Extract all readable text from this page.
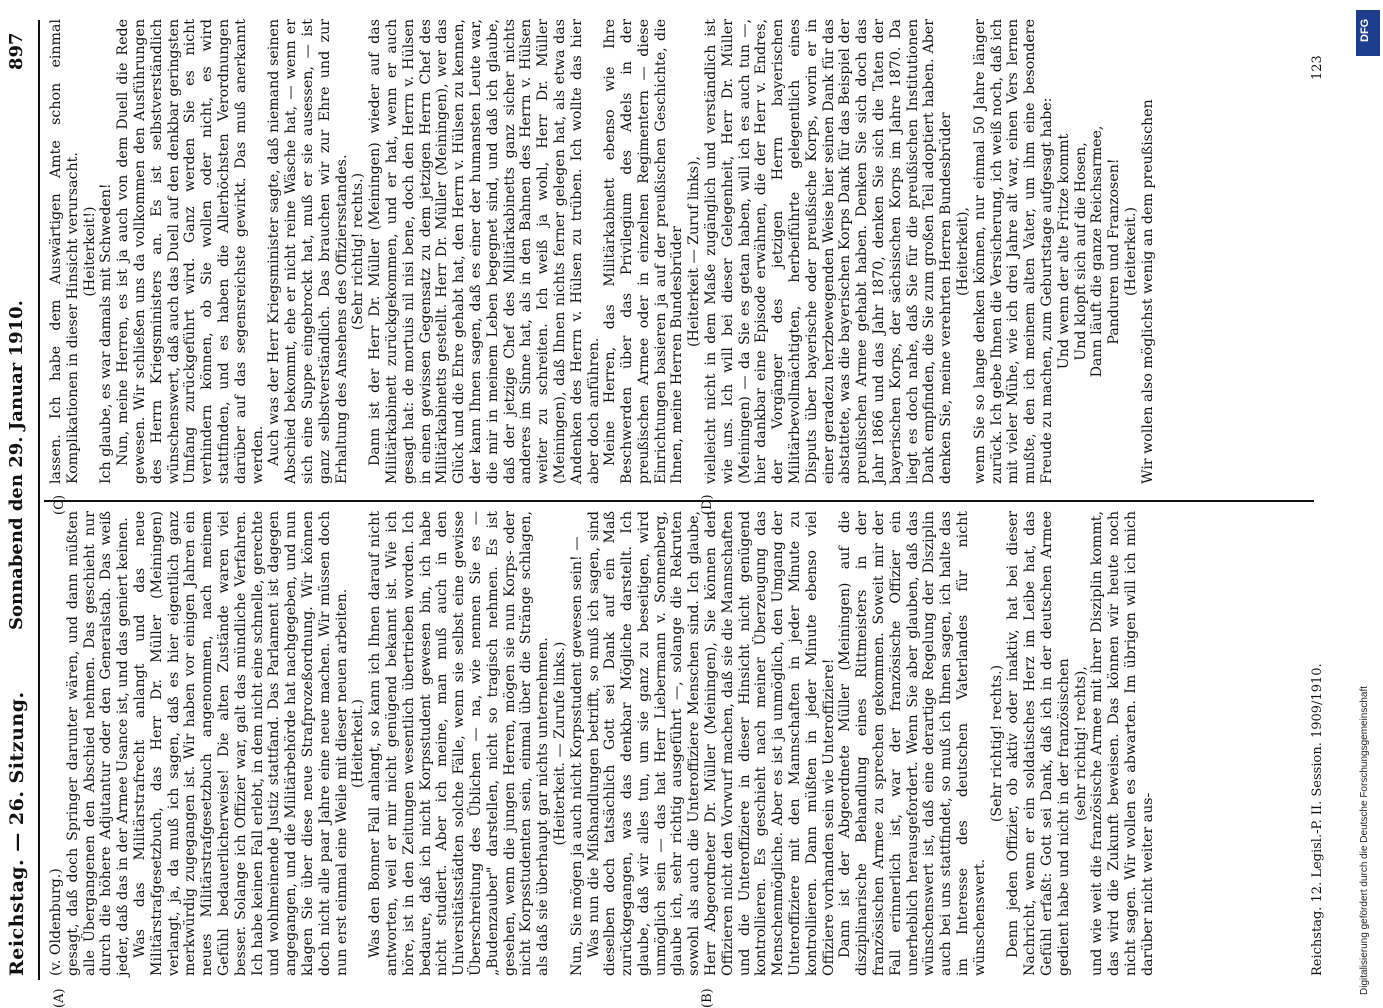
Reichstag. — 26. Sitzung.
Sonnabend den 29. Januar 1910.
897
(A)	(B)
(C)	(D)

(v. Oldenburg.) gesagt, daß doch Springer darunter wären, und dann müßten alle Übergangenen den Abschied nehmen. Das geschieht nur durch die höhere Adjutantur oder den Generalstab. Das weiß jeder, daß das in der Armee Usance ist, und das geniert keinen. Was das Militärstrafrecht anlangt und das neue Militärstrafgesetzbuch, das Herr Dr. Müller (Meiningen) verlangt, ja, da muß ich sagen, daß es hier eigentlich ganz merkwürdig zugegangen ist. Wir haben vor einigen Jahren ein neues Militärstrafgesetzbuch angenommen, nach meinem Gefühl bedauerlicherweise! Die alten Zustände waren viel besser. Solange ich Offizier war, galt das mündliche Verfahren. Ich habe keinen Fall erlebt, in dem nicht eine schnelle, gerechte und wohlmeinende Justiz stattfand. Das Parlament ist dagegen angegangen, und die Militärbehörde hat nachgegeben, und nun klagen Sie über diese neue Strafprozeßordnung. Wir können doch nicht alle paar Jahre eine neue machen. Wir müssen doch nun erst einmal eine Weile mit dieser neuen arbeiten. (Heiterkeit.) Was den Bonner Fall anlangt, so kann ich Ihnen darauf nicht antworten, weil er mir nicht genügend bekannt ist. Wie ich höre, ist in den Zeitungen wesentlich übertrieben worden. Ich bedaure, daß ich nicht Korpsstudent gewesen bin, ich habe nicht studiert. Aber ich meine, man muß auch in den Universitätsstädten solche Fälle, wenn sie selbst eine gewisse Überschreitung des Üblichen — na, wie nennen Sie es — „Budenzauber" darstellen, nicht so tragisch nehmen. Es ist gesehen, wenn die jungen Herren, mögen sie nun Korps- oder nicht Korpsstudenten sein, einmal über die Stränge schlagen, als daß sie überhaupt gar nichts unternehmen. (Heiterkeit. — Zurufe links.) Nun, Sie mögen ja auch nicht Korpsstudent gewesen sein! — Was nun die Mißhandlungen betrifft, so muß ich sagen, sind dieselben doch tatsächlich Gott sei Dank auf ein Maß zurückgegangen, was das denkbar Mögliche darstellt. Ich glaube, daß wir alles tun, um sie ganz zu beseitigen, wird unmöglich sein — das hat Herr Liebermann v. Sonnenberg, glaube ich, sehr richtig ausgeführt —, solange die Rekruten sowohl als auch die Unteroffiziere Menschen sind. Ich glaube, Herr Abgeordneter Dr. Müller (Meiningen), Sie können den Offizieren nicht den Vorwurf machen, daß sie die Mannschaften und die Unteroffiziere in dieser Hinsicht nicht genügend kontrollieren. Es geschieht nach meiner Überzeugung das Menschenmögliche. Aber es ist ja unmöglich, den Umgang der Unteroffiziere mit den Mannschaften in jeder Minute zu kontrollieren. Dann müßten in jeder Minute ebenso viel Offiziere vorhanden sein wie Unteroffiziere! Dann ist der Abgeordnete Müller (Meiningen) auf die disziplinarische Behandlung eines Rittmeisters in der französischen Armee zu sprechen gekommen. Soweit mir der Fall erinnerlich ist, war der französische Offizier ein unerheblich herausgefordert. Wenn Sie aber glauben, daß das wünschenswert ist, daß eine derartige Regelung der Disziplin auch bei uns stattfindet, so muß ich Ihnen sagen, ich halte das im Interesse des deutschen Vaterlandes für nicht wünschenswert.

(Sehr richtig! rechts.) Denn jeden Offizier, ob aktiv oder inaktiv, hat bei dieser Nachricht, wenn er ein soldatisches Herz im Leibe hat, das Gefühl erfaßt: Gott sei Dank, daß ich in der deutschen Armee gedient habe und nicht in der französischen (sehr richtig! rechts), und wie weit die französische Armee mit ihrer Disziplin kommt, das wird die Zukunft beweisen. Das können wir heute noch nicht sagen. Wir wollen es abwarten. Im übrigen will ich mich darüber nicht weiter aus-

lassen. Ich habe dem Auswärtigen Amte schon einmal Komplikationen in dieser Hinsicht verursacht. (Heiterkeit!) Ich glaube, es war damals mit Schweden! Nun, meine Herren, es ist ja auch von dem Duell die Rede gewesen. Wir schließen uns da vollkommen den Ausführungen des Herrn Kriegsministers an. Es ist selbstverständlich wünschenswert, daß auch das Duell auf den denkbar geringsten Umfang zurückgeführt wird. Ganz werden Sie es nicht verhindern können, ob Sie wollen oder nicht, es wird stattfinden, und es haben die Allerhöchsten Verordnungen darüber auf das segensreichste gewirkt. Das muß anerkannt werden. Auch was der Herr Kriegsminister sagte, daß niemand seinen Abschied bekommt, ehe er nicht reine Wäsche hat, — wenn er sich eine Suppe eingebrockt hat, muß er sie ausessen, — ist ganz selbstverständlich. Das brauchen wir zur Ehre und zur Erhaltung des Ansehens des Offiziersstandes. (Sehr richtig! rechts.) Dann ist der Herr Dr. Müller (Meiningen) wieder auf das Militärkabinett zurückgekommen, und er hat, wenn er auch gesagt hat: de mortuis nil nisi bene, doch den Herrn v. Hülsen in einen gewissen Gegensatz zu dem jetzigen Herrn Chef des Militärkabinetts gestellt. Herr Dr. Müller (Meiningen), wer das Glück und die Ehre gehabt hat, den Herrn v. Hülsen zu kennen, der kann Ihnen sagen, daß es einer der humansten Leute war, die mir in meinem Leben begegnet sind, und daß ich glaube, daß der jetzige Chef des Militärkabinetts ganz sicher nichts anderes im Sinne hat, als in den Bahnen des Herrn v. Hülsen weiter zu schreiten. Ich weiß ja wohl, Herr Dr. Müller (Meiningen), daß Ihnen nichts ferner gelegen hat, als etwa das Andenken des Herrn v. Hülsen zu trüben. Ich wollte das hier aber doch anführen. Meine Herren, das Militärkabinett ebenso wie Ihre Beschwerden über das Privilegium des Adels in der preußischen Armee oder in einzelnen Regimentern — diese Einrichtungen basieren ja auf der preußischen Geschichte, die Ihnen, meine Herren Bundesbrüder (Heiterkeit — Zuruf links), vielleicht nicht in dem Maße zugänglich und verständlich ist wie uns. Ich will bei dieser Gelegenheit, Herr Dr. Müller (Meiningen) — da Sie es getan haben, will ich es auch tun —, hier dankbar eine Episode erwähnen, die der Herr v. Endres, der Vorgänger des jetzigen Herrn bayerischen Militärbevollmächtigten, herbeiführte gelegentlich eines Disputs über bayerische oder preußische Korps, worin er in einer geradezu herzbewegenden Weise hier seinen Dank für das abstattete, was die bayerischen Korps Dank für das Beispiel der preußischen Armee gehabt haben. Denken Sie sich doch das Jahr 1866 und das Jahr 1870, denken Sie sich die Taten der bayerischen Korps, der sächsischen Korps im Jahre 1870. Da liegt es doch nahe, daß Sie für die preußischen Institutionen Dank empfinden, die Sie zum großen Teil adoptiert haben. Aber denken Sie, meine verehrten Herren Bundesbrüder (Heiterkeit), wenn Sie so lange denken können, nur einmal 50 Jahre länger zurück. Ich gebe Ihnen die Versicherung, ich weiß noch, daß ich mit vieler Mühe, wie ich drei Jahre alt war, einen Vers lernen mußte, den ich meinem alten Vater, um ihm eine besondere Freude zu machen, zum Geburtstage aufgesagt habe: Und wenn der alte Fritze kommt Und klopft sich auf die Hosen, Dann läuft die ganze Reichsarmee, Panduren und Franzosen! (Heiterkeit.) Wir wollen also möglichst wenig an dem preußischen

Reichstag. 12. Legisl.-P. II. Session. 1909/1910.
123
Digitalisierung gefördert durch die Deutsche Forschungsgemeinschaft
DFG
